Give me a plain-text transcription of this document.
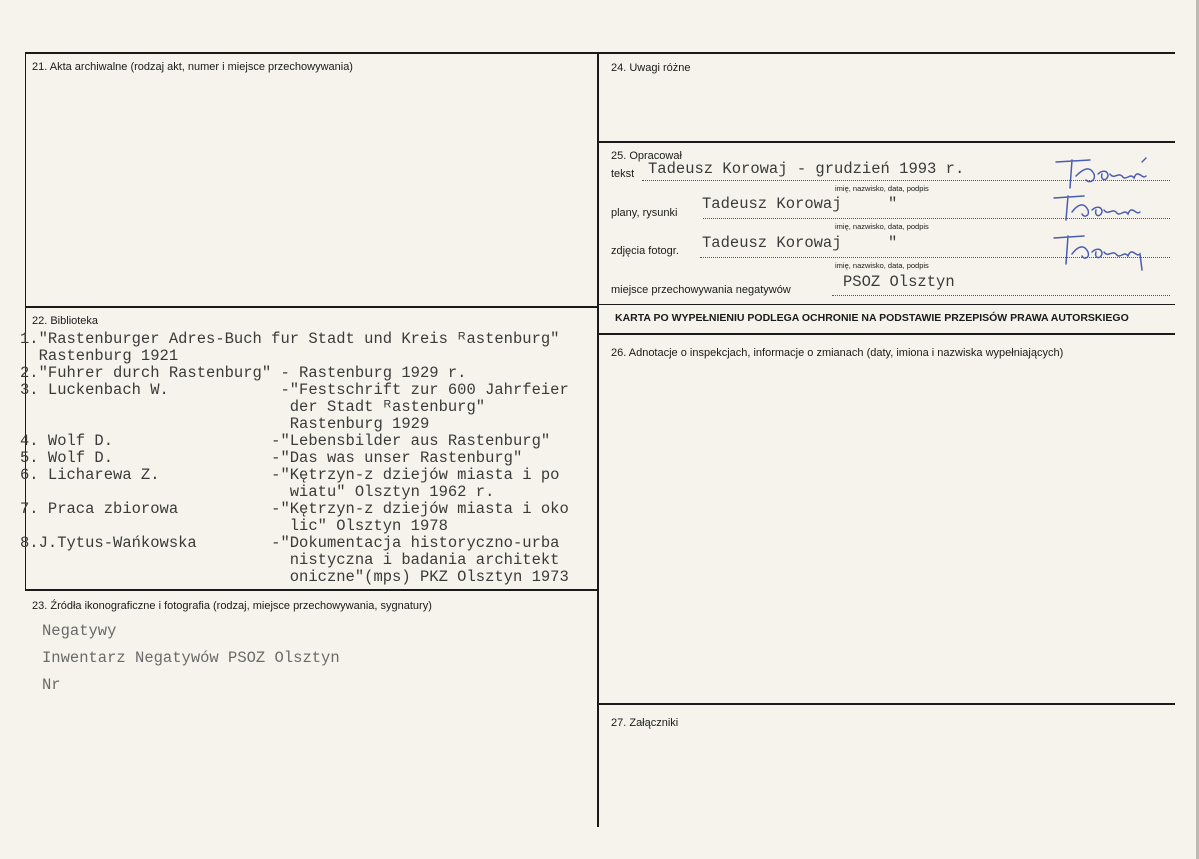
21. Akta archiwalne (rodzaj akt, numer i miejsce przechowywania)
22. Biblioteka
1."Rastenburger Adres-Buch fur Stadt und Kreis ᴿastenburg"
Rastenburg 1921
2."Fuhrer durch Rastenburg" - Rastenburg 1929 r.
3. Luckenbach W.            -"Festschrift zur 600 Jahrfeier
der Stadt ᴿastenburg"
Rastenburg 1929
4. Wolf D.                 -"Lebensbilder aus Rastenburg"
5. Wolf D.                 -"Das was unser Rastenburg"
6. Licharewa Z.            -"Kętrzyn-z dziejów miasta i po
wiatu" Olsztyn 1962 r.
7. Praca zbiorowa          -"Kętrzyn-z dziejów miasta i oko
lic" Olsztyn 1978
8.J.Tytus-Wańkowska        -"Dokumentacja historyczno-urba
nistyczna i badania architekt
oniczne"(mps) PKZ Olsztyn 1973
23. Źródła ikonograficzne i fotografia (rodzaj, miejsce przechowywania, sygnatury)
Negatywy
Inwentarz Negatywów PSOZ Olsztyn
Nr
24. Uwagi różne
25. Opracował
tekst Tadeusz Korowaj - grudzień 1993 r.
imię, nazwisko, data, podpis
plany, rysunki Tadeusz Korowaj     "
imię, nazwisko, data, podpis
zdjęcia fotogr. Tadeusz Korowaj     "
imię, nazwisko, data, podpis
miejsce przechowywania negatywów	PSOZ Olsztyn
KARTA PO WYPEŁNIENIU PODLEGA OCHRONIE NA PODSTAWIE PRZEPISÓW PRAWA AUTORSKIEGO
26. Adnotacje o inspekcjach, informacje o zmianach (daty, imiona i nazwiska wypełniających)
27. Załączniki
